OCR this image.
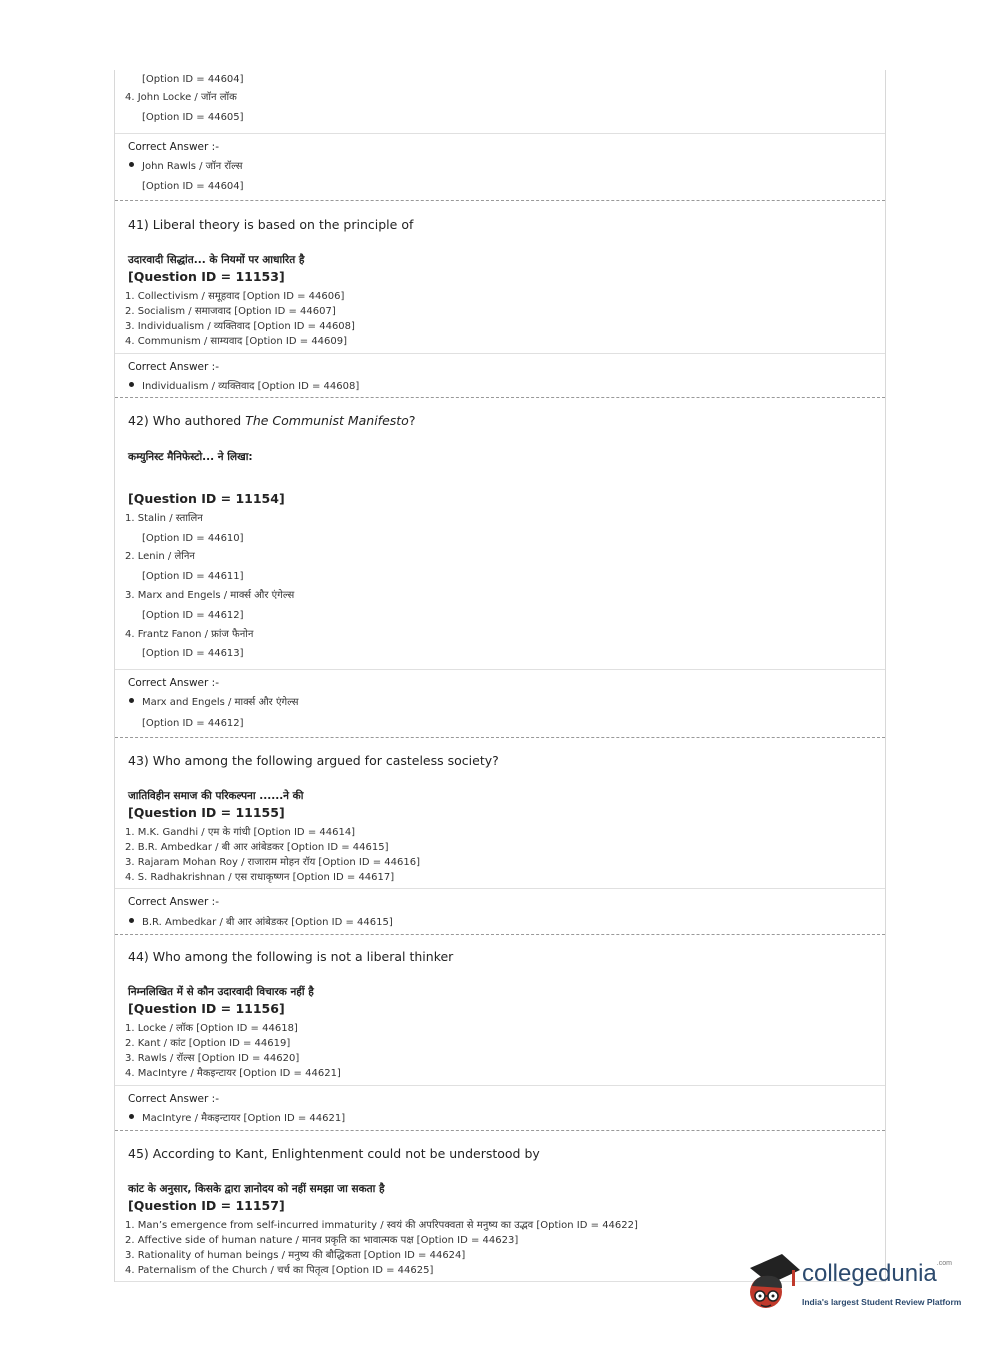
[Option ID = 44604]
4. John Locke / जॉन लॉक
[Option ID = 44605]
Correct Answer :-
John Rawls / जॉन रॉल्स
[Option ID = 44604]
41) Liberal theory is based on the principle of
उदारवादी सिद्धांत... के नियमों पर आधारित है
[Question ID = 11153]
1. Collectivism / समूहवाद [Option ID = 44606]
2. Socialism / समाजवाद [Option ID = 44607]
3. Individualism / व्यक्तिवाद [Option ID = 44608]
4. Communism / साम्यवाद [Option ID = 44609]
Correct Answer :-
Individualism / व्यक्तिवाद [Option ID = 44608]
42) Who authored The Communist Manifesto?
कम्युनिस्ट मैनिफेस्टो... ने लिखा:
[Question ID = 11154]
1. Stalin / स्तालिन
[Option ID = 44610]
2. Lenin / लेनिन
[Option ID = 44611]
3. Marx and Engels / मार्क्स और एंगेल्स
[Option ID = 44612]
4. Frantz Fanon / फ्रांज फैनोन
[Option ID = 44613]
Correct Answer :-
Marx and Engels / मार्क्स और एंगेल्स
[Option ID = 44612]
43) Who among the following argued for casteless society?
जातिविहीन समाज की परिकल्पना ......ने की
[Question ID = 11155]
1. M.K. Gandhi / एम के गांधी [Option ID = 44614]
2. B.R. Ambedkar / बी आर आंबेडकर [Option ID = 44615]
3. Rajaram Mohan Roy / राजाराम मोहन रॉय [Option ID = 44616]
4. S. Radhakrishnan / एस राधाकृष्णन [Option ID = 44617]
Correct Answer :-
B.R. Ambedkar / बी आर आंबेडकर [Option ID = 44615]
44) Who among the following is not a liberal thinker
निम्नलिखित में से कौन उदारवादी विचारक नहीं है
[Question ID = 11156]
1. Locke / लॉक [Option ID = 44618]
2. Kant / कांट [Option ID = 44619]
3. Rawls / रॉल्स [Option ID = 44620]
4. MacIntyre / मैकइन्टायर [Option ID = 44621]
Correct Answer :-
MacIntyre / मैकइन्टायर [Option ID = 44621]
45) According to Kant, Enlightenment could not be understood by
कांट के अनुसार, किसके द्वारा ज्ञानोदय को नहीं समझा जा सकता है
[Question ID = 11157]
1. Man’s emergence from self-incurred immaturity / स्वयं की अपरिपक्वता से मनुष्य का उद्भव [Option ID = 44622]
2. Affective side of human nature / मानव प्रकृति का भावात्मक पक्ष [Option ID = 44623]
3. Rationality of human beings / मनुष्य की बौद्धिकता [Option ID = 44624]
4. Paternalism of the Church / चर्च का पितृत्व [Option ID = 44625]	collegedunia$^{.com}$
India's largest Student Review Platform
